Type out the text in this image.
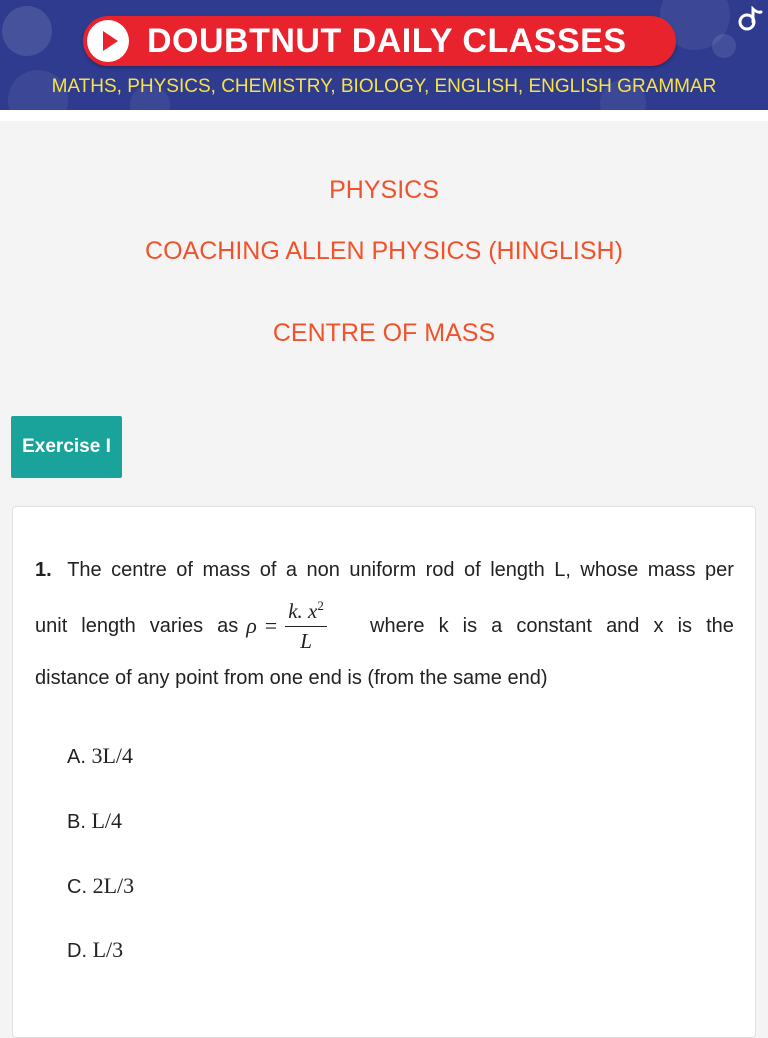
DOUBTNUT DAILY CLASSES
MATHS, PHYSICS, CHEMISTRY, BIOLOGY, ENGLISH, ENGLISH GRAMMAR
PHYSICS
COACHING ALLEN PHYSICS (HINGLISH)
CENTRE OF MASS
Exercise I
1. The centre of mass of a non uniform rod of length L, whose mass per
unit length varies as $\rho = \frac{k. x^2}{L}$ where k is a constant and x is the
distance of any point from one end is (from the same end)
A. 3L/4
B. L/4
C. 2L/3
D. L/3
